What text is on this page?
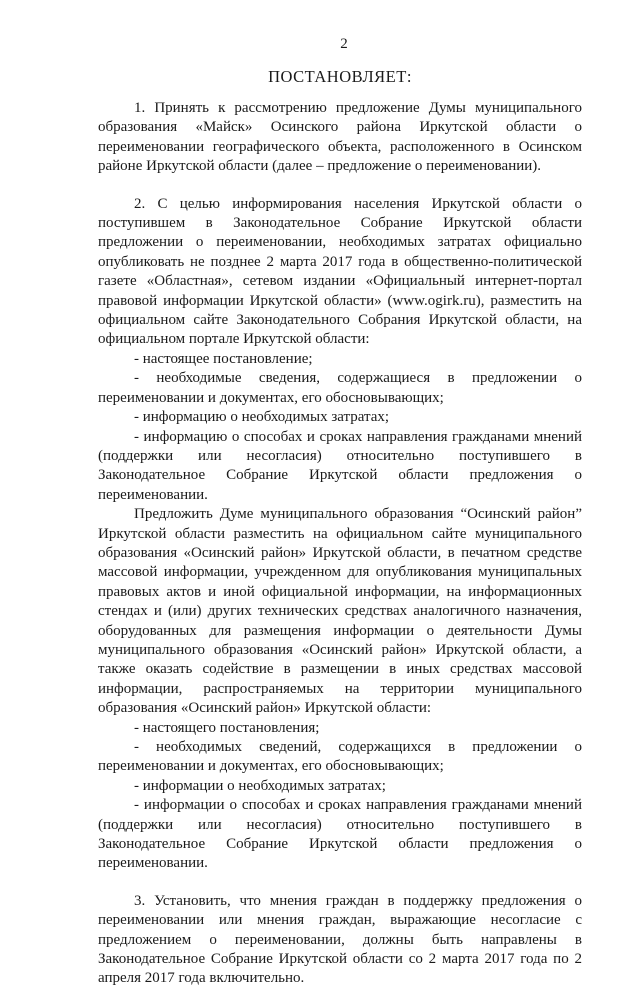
2
ПОСТАНОВЛЯЕТ:

1. Принять к рассмотрению предложение Думы муниципального образования «Майск» Осинского района Иркутской области о переименовании географического объекта, расположенного в Осинском районе Иркутской области (далее – предложение о переименовании).

2. С целью информирования населения Иркутской области о поступившем в Законодательное Собрание Иркутской области предложении о переименовании, необходимых затратах официально опубликовать не позднее 2 марта 2017 года в общественно-политической газете «Областная», сетевом издании «Официальный интернет-портал правовой информации Иркутской области» (www.ogirk.ru), разместить на официальном сайте Законодательного Собрания Иркутской области, на официальном портале Иркутской области:

- настоящее постановление;

- необходимые сведения, содержащиеся в предложении о переименовании и документах, его обосновывающих;

- информацию о необходимых затратах;

- информацию о способах и сроках направления гражданами мнений (поддержки или несогласия) относительно поступившего в Законодательное Собрание Иркутской области предложения о переименовании.

Предложить Думе муниципального образования “Осинский район” Иркутской области разместить на официальном сайте муниципального образования «Осинский район» Иркутской области, в печатном средстве массовой информации, учрежденном для опубликования муниципальных правовых актов и иной официальной информации, на информационных стендах и (или) других технических средствах аналогичного назначения, оборудованных для размещения информации о деятельности Думы муниципального образования «Осинский район» Иркутской области, а также оказать содействие в размещении в иных средствах массовой информации, распространяемых на территории муниципального образования «Осинский район» Иркутской области:

- настоящего постановления;

- необходимых сведений, содержащихся в предложении о переименовании и документах, его обосновывающих;

- информации о необходимых затратах;

- информации о способах и сроках направления гражданами мнений (поддержки или несогласия) относительно поступившего в Законодательное Собрание Иркутской области предложения о переименовании.

3. Установить, что мнения граждан в поддержку предложения о переименовании или мнения граждан, выражающие несогласие с предложением о переименовании, должны быть направлены в Законодательное Собрание Иркутской области со 2 марта 2017 года по 2 апреля 2017 года включительно.
